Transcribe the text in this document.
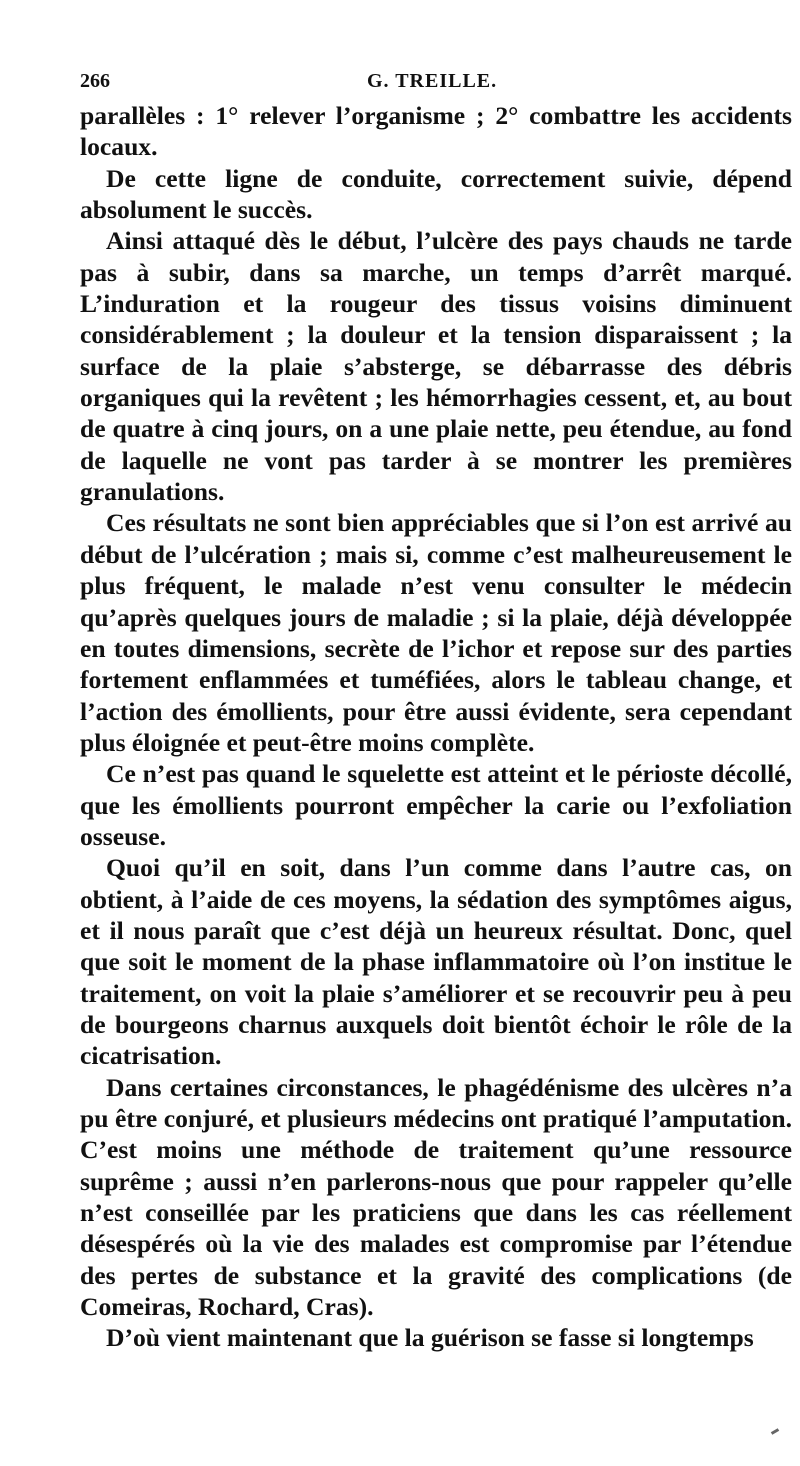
266	G. TREILLE.

parallèles : 1° relever l’organisme ; 2° combattre les accidents locaux.

De cette ligne de conduite, correctement suivie, dépend absolument le succès.

Ainsi attaqué dès le début, l’ulcère des pays chauds ne tarde pas à subir, dans sa marche, un temps d’arrêt marqué. L’induration et la rougeur des tissus voisins diminuent considérablement ; la douleur et la tension disparaissent ; la surface de la plaie s’absterge, se débarrasse des débris organiques qui la revêtent ; les hémorrhagies cessent, et, au bout de quatre à cinq jours, on a une plaie nette, peu étendue, au fond de laquelle ne vont pas tarder à se montrer les premières granulations.

Ces résultats ne sont bien appréciables que si l’on est arrivé au début de l’ulcération ; mais si, comme c’est malheureusement le plus fréquent, le malade n’est venu consulter le médecin qu’après quelques jours de maladie ; si la plaie, déjà développée en toutes dimensions, secrète de l’ichor et repose sur des parties fortement enflammées et tuméfiées, alors le tableau change, et l’action des émollients, pour être aussi évidente, sera cependant plus éloignée et peut-être moins complète.

Ce n’est pas quand le squelette est atteint et le périoste décollé, que les émollients pourront empêcher la carie ou l’exfoliation osseuse.

Quoi qu’il en soit, dans l’un comme dans l’autre cas, on obtient, à l’aide de ces moyens, la sédation des symptômes aigus, et il nous paraît que c’est déjà un heureux résultat. Donc, quel que soit le moment de la phase inflammatoire où l’on institue le traitement, on voit la plaie s’améliorer et se recouvrir peu à peu de bourgeons charnus auxquels doit bientôt échoir le rôle de la cicatrisation.

Dans certaines circonstances, le phagédénisme des ulcères n’a pu être conjuré, et plusieurs médecins ont pratiqué l’amputation. C’est moins une méthode de traitement qu’une ressource suprême ; aussi n’en parlerons-nous que pour rappeler qu’elle n’est conseillée par les praticiens que dans les cas réellement désespérés où la vie des malades est compromise par l’étendue des pertes de substance et la gravité des complications (de Comeiras, Rochard, Cras).

D’où vient maintenant que la guérison se fasse si longtemps
